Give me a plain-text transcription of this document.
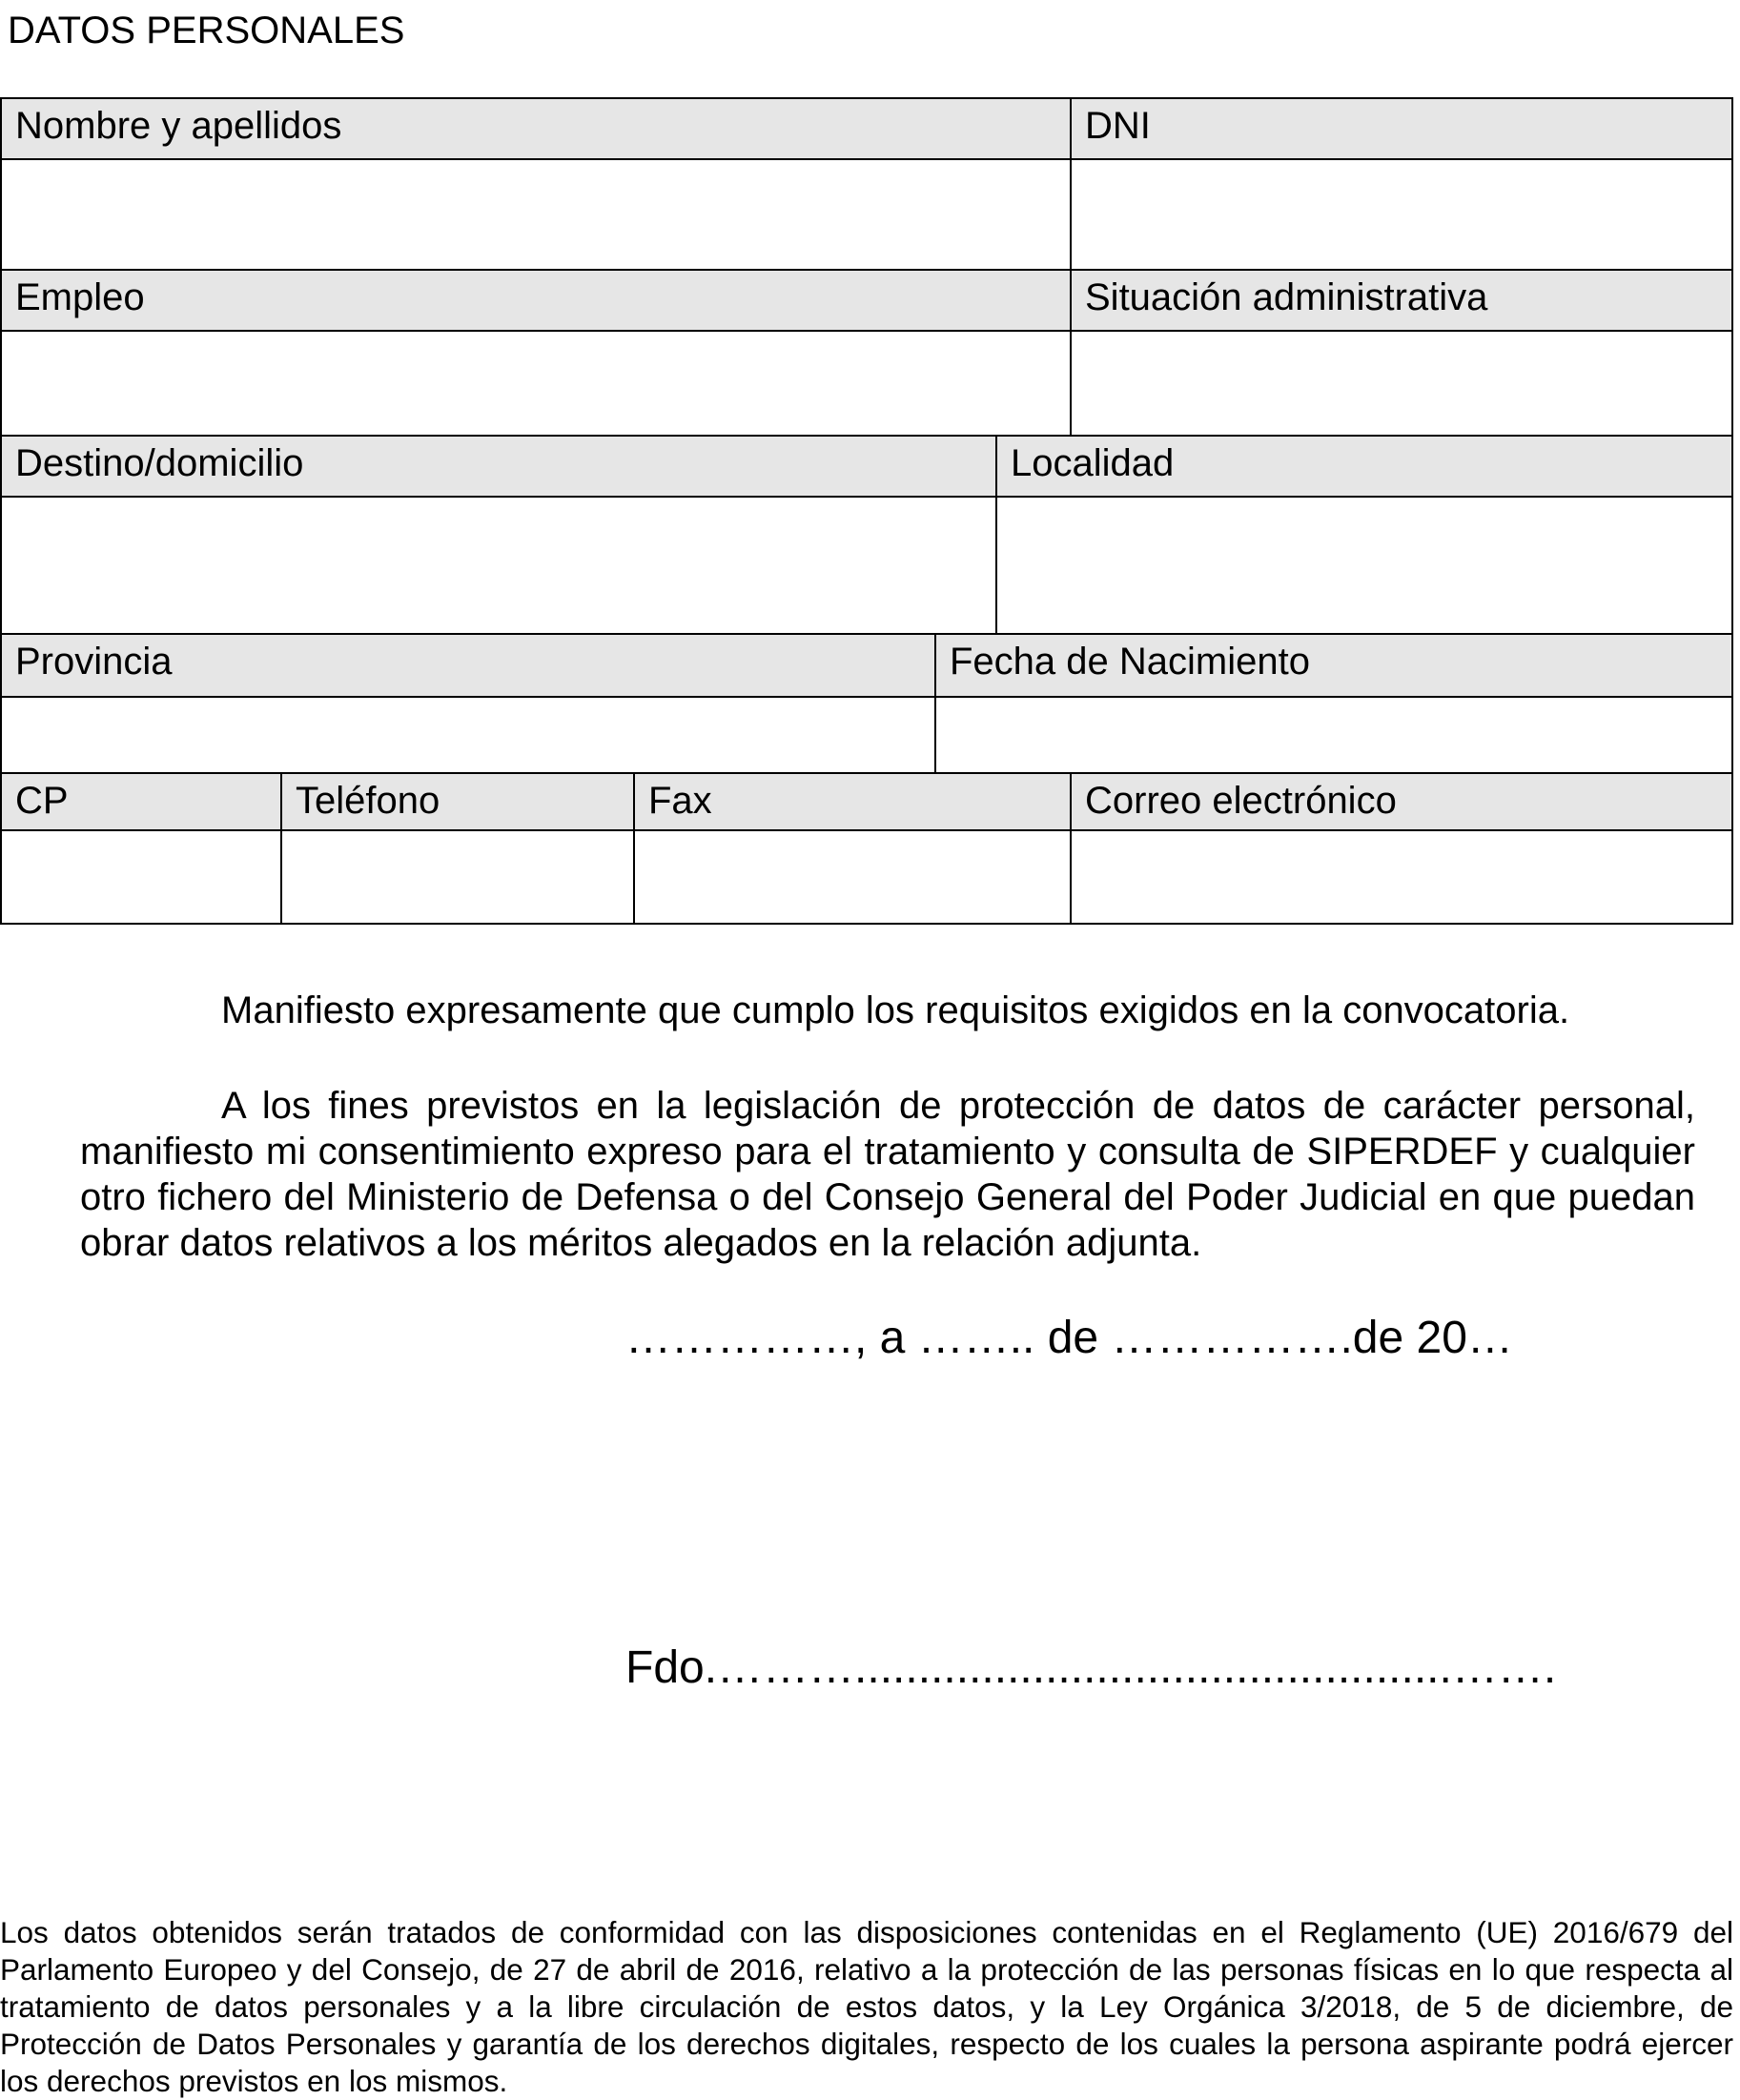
DATOS PERSONALES
Nombre y apellidos	DNI
Empleo	Situación administrativa
Destino/domicilio	Localidad
Provincia	Fecha de Nacimiento
CP	Teléfono	Fax	Correo electrónico

Manifiesto expresamente que cumplo los requisitos exigidos en la convocatoria.

A los fines previstos en la legislación de protección de datos de carácter personal, manifiesto mi consentimiento expreso para el tratamiento y consulta de SIPERDEF y cualquier otro fichero del Ministerio de Defensa o del Consejo General del Poder Judicial en que puedan obrar datos relativos a los méritos alegados en la relación adjunta.

……………, a …….. de …………….de 20…
Fdo.………...............................................…….

Los datos obtenidos serán tratados de conformidad con las disposiciones contenidas en el Reglamento (UE) 2016/679 del Parlamento Europeo y del Consejo, de 27 de abril de 2016, relativo a la protección de las personas físicas en lo que respecta al tratamiento de datos personales y a la libre circulación de estos datos, y la Ley Orgánica 3/2018, de 5 de diciembre, de Protección de Datos Personales y garantía de los derechos digitales, respecto de los cuales la persona aspirante podrá ejercer los derechos previstos en los mismos.
